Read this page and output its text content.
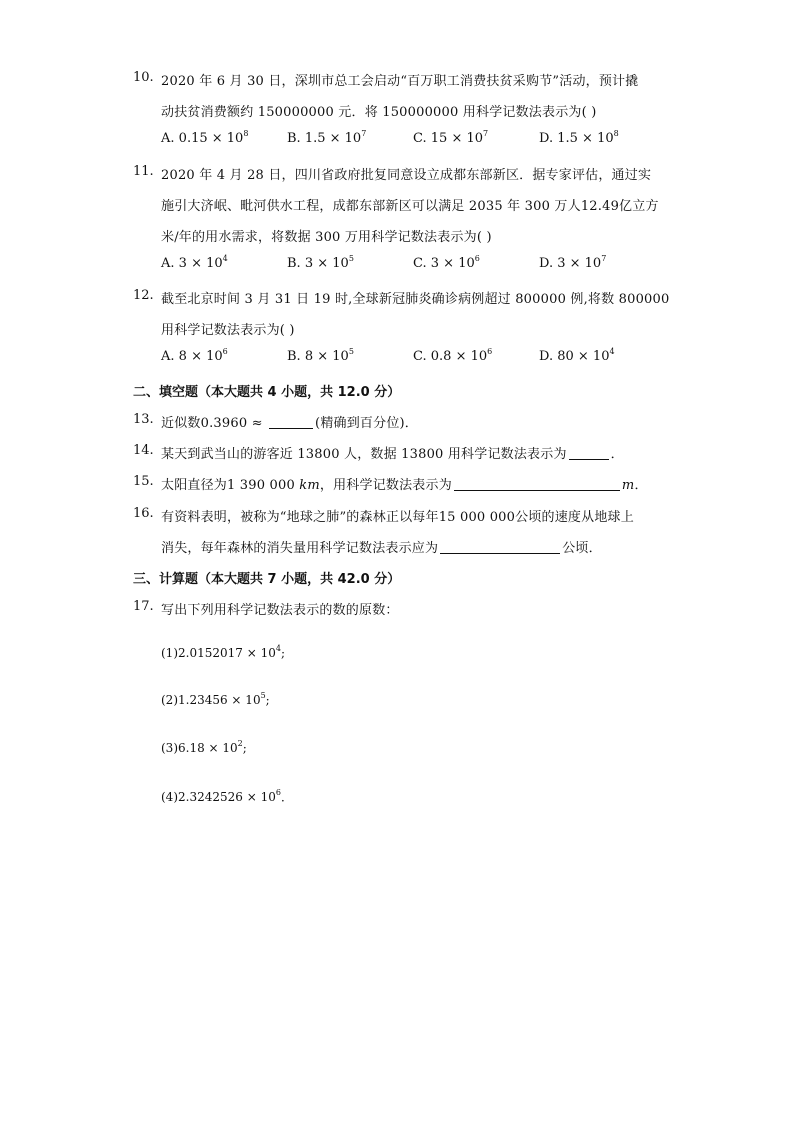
10. 2020 年 6 月 30 日，深圳市总工会启动“百万职工消费扶贫采购节”活动，预计撬
动扶贫消费额约 150000000 元．将 150000000 用科学记数法表示为( )
A. $0.15 \times 10^8$	B. $1.5 \times 10^7$	C. $15 \times 10^7$	D. $1.5 \times 10^8$
11. 2020 年 4 月 28 日，四川省政府批复同意设立成都东部新区．据专家评估，通过实
施引大济岷、毗河供水工程，成都东部新区可以满足 2035 年 300 万人12.49亿立方
米/年的用水需求，将数据 300 万用科学记数法表示为( )
A. $3 \times 10^4$	B. $3 \times 10^5$	C. $3 \times 10^6$	D. $3 \times 10^7$
12. 截至北京时间 3 月 31 日 19 时,全球新冠肺炎确诊病例超过 800000 例,将数 800000
用科学记数法表示为( )
A. $8 \times 10^6$	B. $8 \times 10^5$	C. $0.8 \times 10^6$	D. $80 \times 10^4$
二、填空题（本大题共 4 小题，共 12.0 分）
13. 近似数0.3960 ≈	(精确到百分位)．
14. 某天到武当山的游客近 13800 人，数据 13800 用科学记数法表示为	．
15. 太阳直径为1 390 000 km，用科学记数法表示为	m．
16. 有资料表明，被称为“地球之肺”的森林正以每年15 000 000公顷的速度从地球上
消失，每年森林的消失量用科学记数法表示应为	公顷．
三、计算题（本大题共 7 小题，共 42.0 分）
17. 写出下列用科学记数法表示的数的原数：
$(1)2.0152017 \times 10^4$;
$(2)1.23456 \times 10^5$;
$(3)6.18 \times 10^2$;
$(4)2.3242526 \times 10^6$．
